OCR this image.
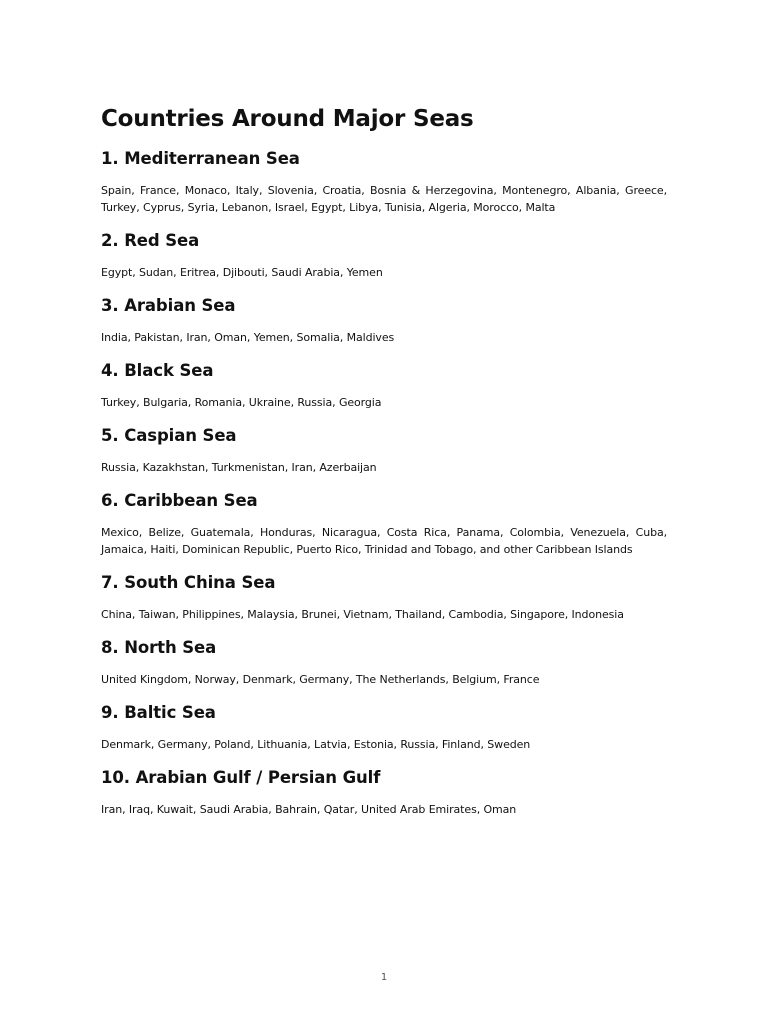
Countries Around Major Seas
1. Mediterranean Sea

Spain, France, Monaco, Italy, Slovenia, Croatia, Bosnia & Herzegovina, Montenegro, Albania, Greece, Turkey, Cyprus, Syria, Lebanon, Israel, Egypt, Libya, Tunisia, Algeria, Morocco, Malta

2. Red Sea

Egypt, Sudan, Eritrea, Djibouti, Saudi Arabia, Yemen

3. Arabian Sea

India, Pakistan, Iran, Oman, Yemen, Somalia, Maldives

4. Black Sea

Turkey, Bulgaria, Romania, Ukraine, Russia, Georgia

5. Caspian Sea

Russia, Kazakhstan, Turkmenistan, Iran, Azerbaijan

6. Caribbean Sea

Mexico, Belize, Guatemala, Honduras, Nicaragua, Costa Rica, Panama, Colombia, Venezuela, Cuba, Jamaica, Haiti, Dominican Republic, Puerto Rico, Trinidad and Tobago, and other Caribbean Islands

7. South China Sea

China, Taiwan, Philippines, Malaysia, Brunei, Vietnam, Thailand, Cambodia, Singapore, Indonesia

8. North Sea

United Kingdom, Norway, Denmark, Germany, The Netherlands, Belgium, France

9. Baltic Sea

Denmark, Germany, Poland, Lithuania, Latvia, Estonia, Russia, Finland, Sweden

10. Arabian Gulf / Persian Gulf

Iran, Iraq, Kuwait, Saudi Arabia, Bahrain, Qatar, United Arab Emirates, Oman

1
